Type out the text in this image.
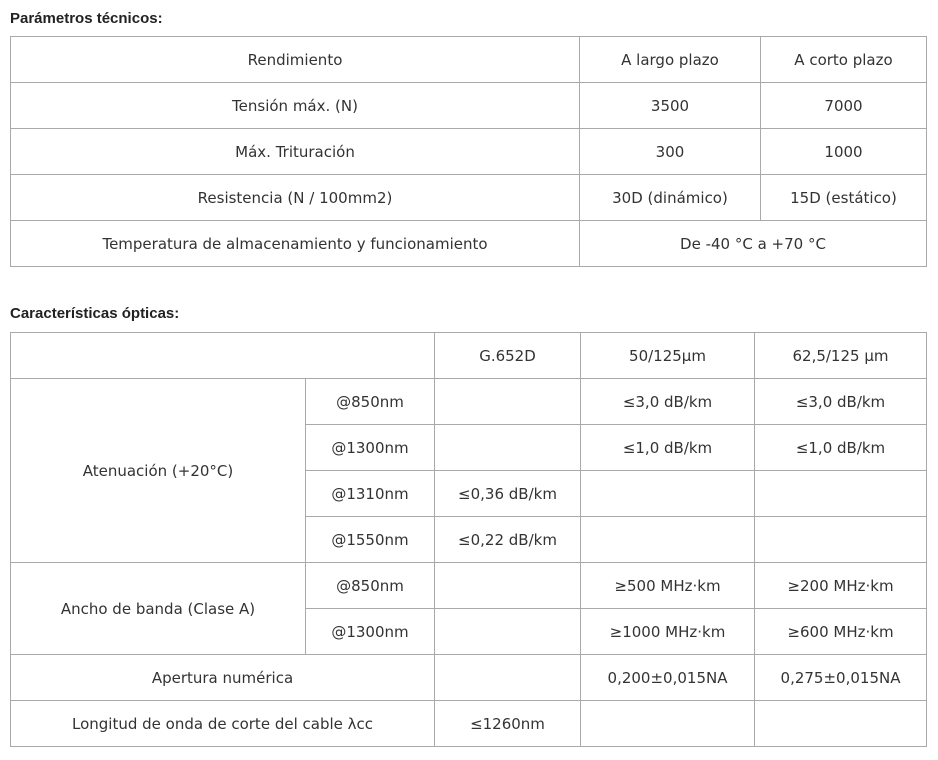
Parámetros técnicos:
Rendimiento	A largo plazo	A corto plazo
Tensión máx. (N)	3500	7000
Máx. Trituración	300	1000
Resistencia (N / 100mm2)	30D (dinámico)	15D (estático)
Temperatura de almacenamiento y funcionamiento	De -40 °C a +70 °C	
Características ópticas:
		G.652D	50/125µm	62,5/125 µm
Atenuación (+20°C)	@850nm		≤3,0 dB/km	≤3,0 dB/km
	@1300nm		≤1,0 dB/km	≤1,0 dB/km
	@1310nm	≤0,36 dB/km		
	@1550nm	≤0,22 dB/km		
Ancho de banda (Clase A)	@850nm		≥500 MHz·km	≥200 MHz·km
	@1300nm		≥1000 MHz·km	≥600 MHz·km
Apertura numérica			0,200±0,015NA	0,275±0,015NA
Longitud de onda de corte del cable λcc		≤1260nm		
